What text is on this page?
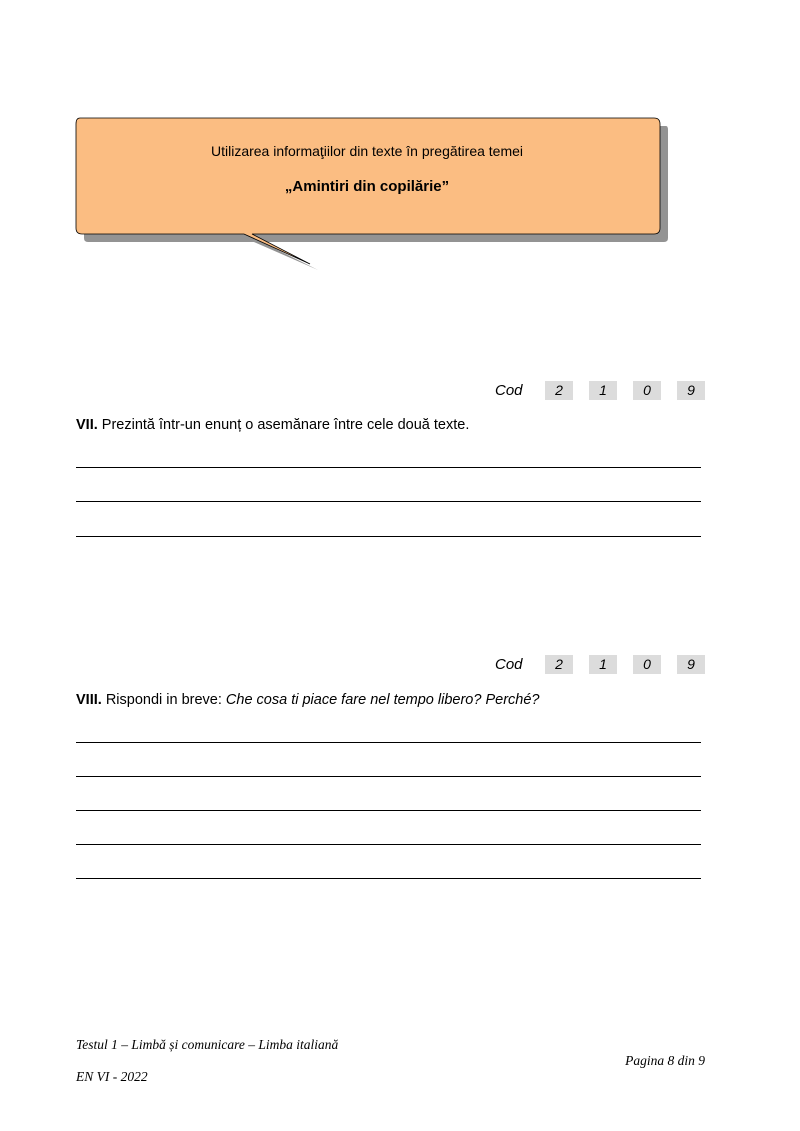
Utilizarea informaţiilor din texte în pregătirea temei
„Amintiri din copilărie”
Cod	2	1	0	9
VII. Prezintă într-un enunț o asemănare între cele două texte.
Cod	2	1	0	9
VIII. Rispondi in breve: Che cosa ti piace fare nel tempo libero? Perché?
Testul 1 – Limbă și comunicare – Limba italiană
EN VI - 2022
Pagina 8 din 9
